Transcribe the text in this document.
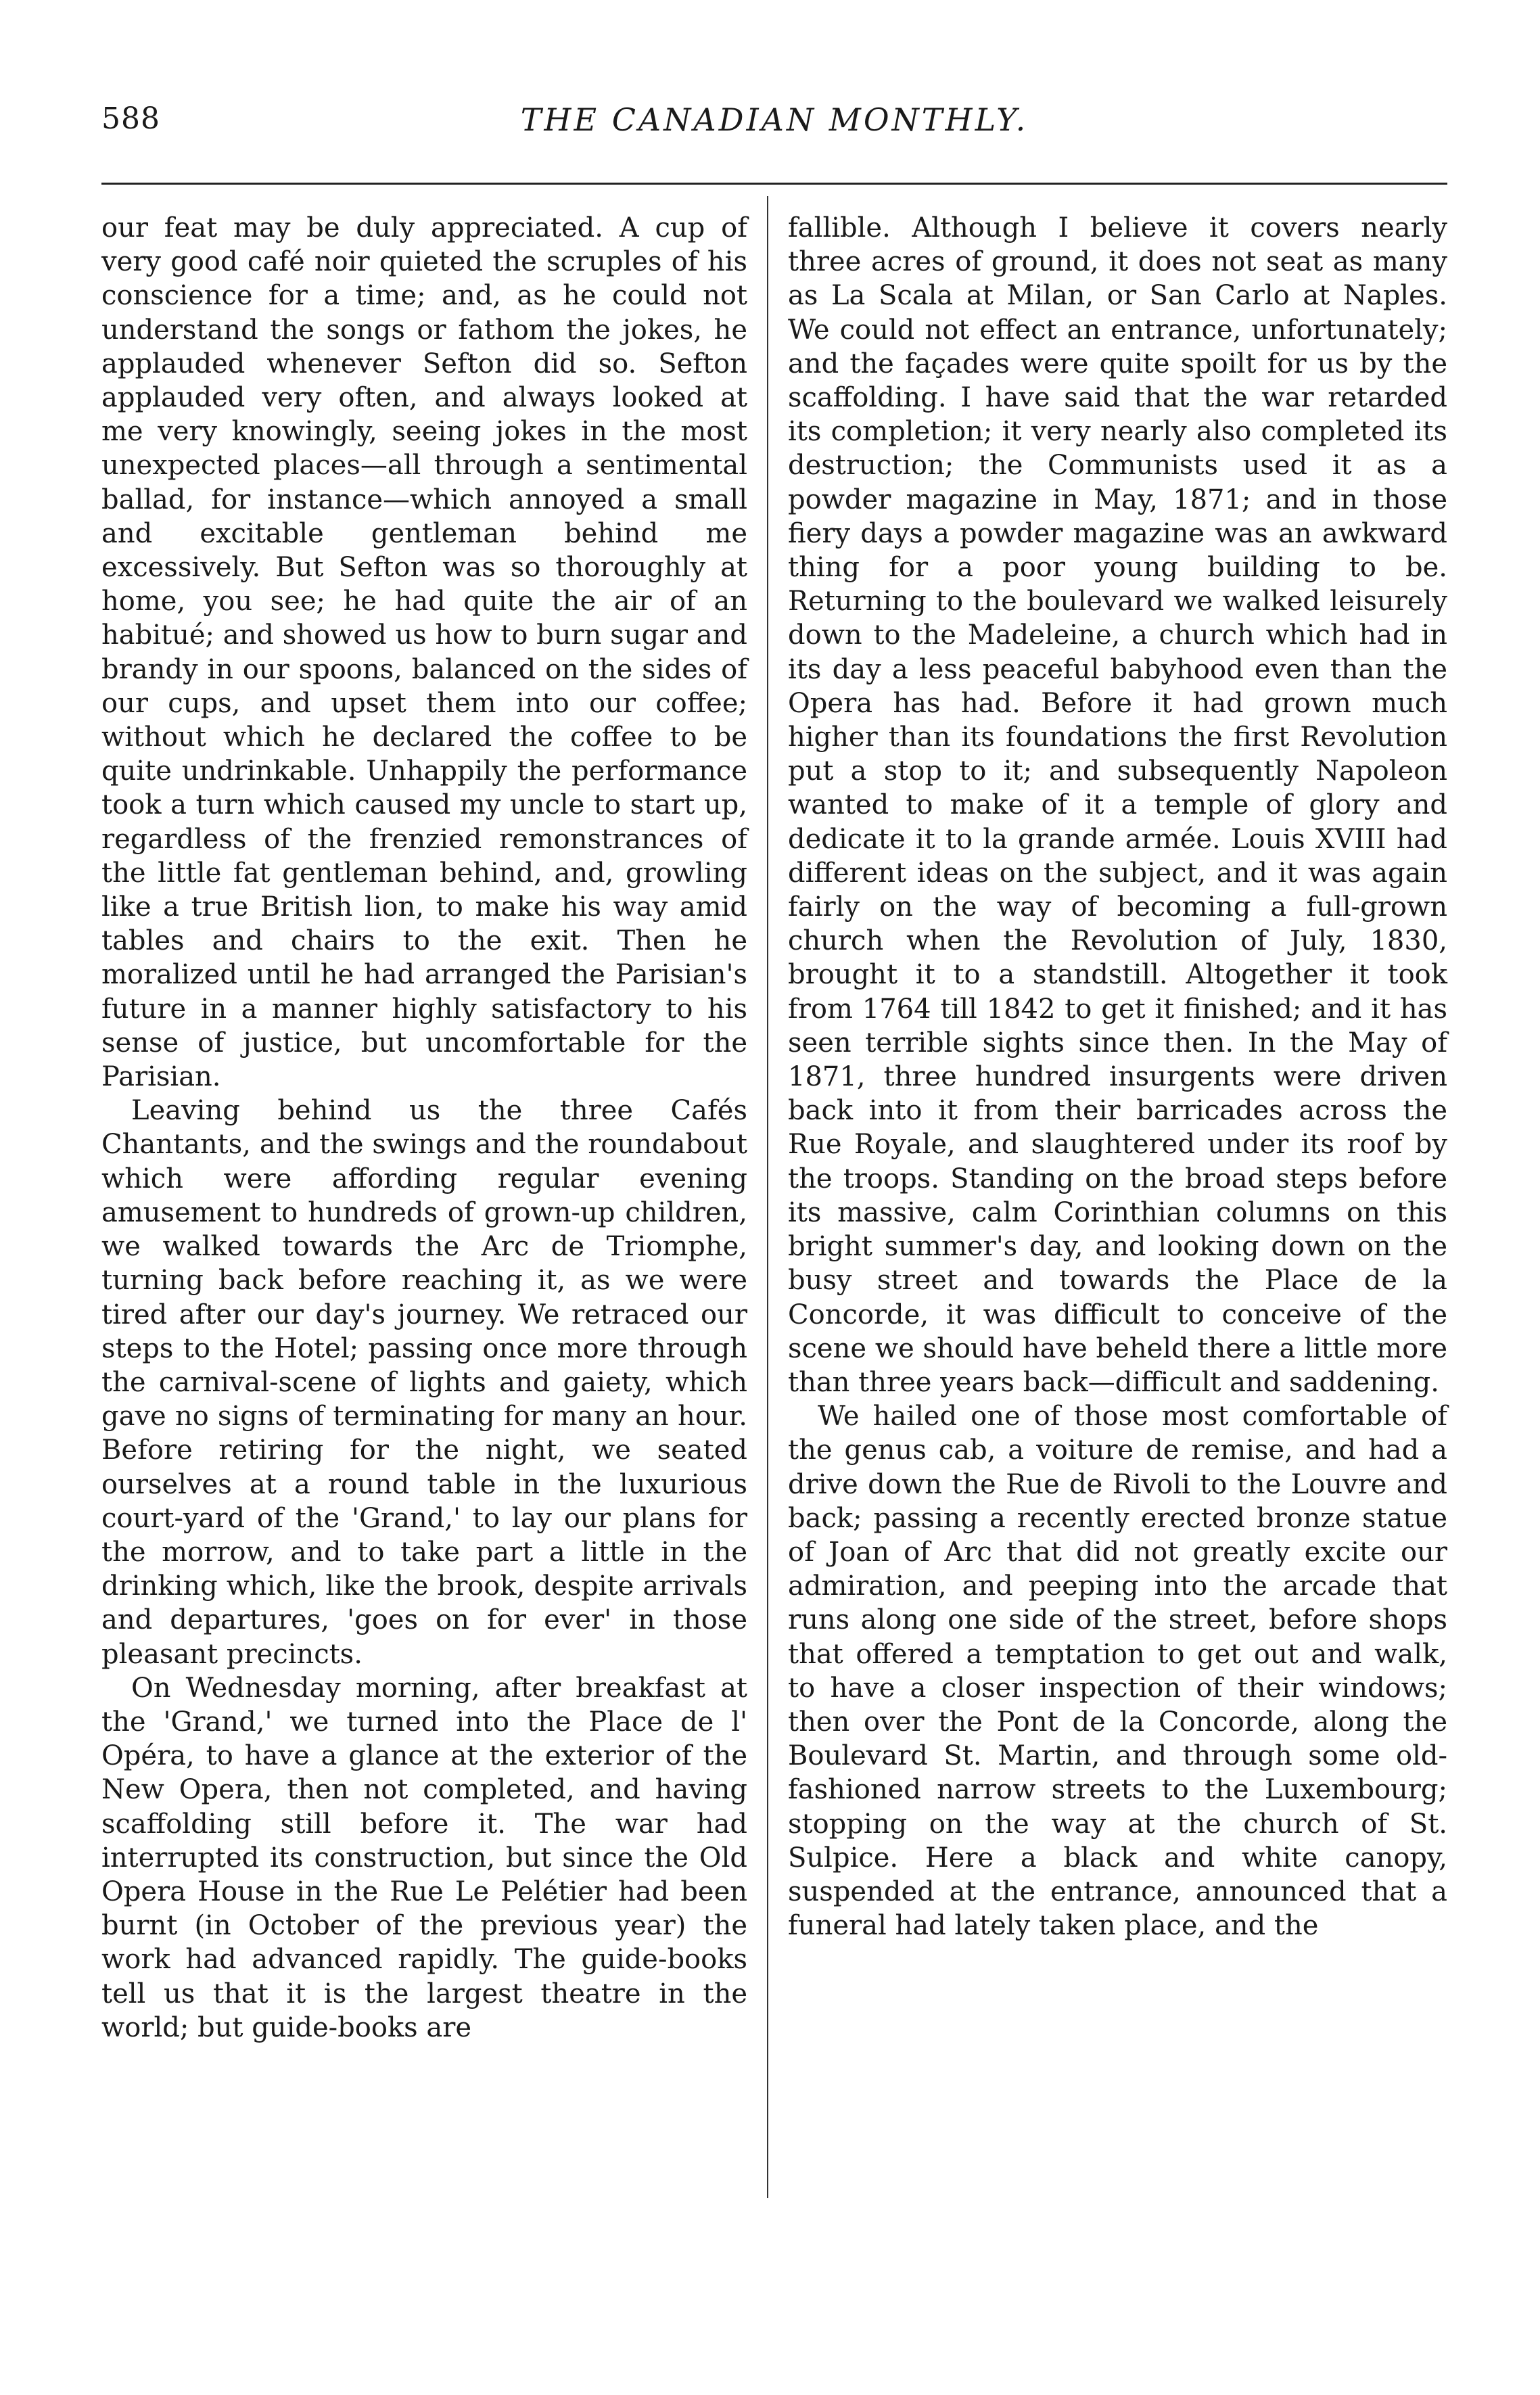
588	THE CANADIAN MONTHLY.

our feat may be duly appreciated. A cup of very good café noir quieted the scruples of his conscience for a time; and, as he could not understand the songs or fathom the jokes, he applauded whenever Sefton did so. Sefton applauded very often, and always looked at me very knowingly, seeing jokes in the most unexpected places—all through a sentimental ballad, for instance—which annoyed a small and excitable gentleman behind me excessively. But Sefton was so thoroughly at home, you see; he had quite the air of an habitué; and showed us how to burn sugar and brandy in our spoons, balanced on the sides of our cups, and upset them into our coffee; without which he declared the coffee to be quite undrinkable. Unhappily the performance took a turn which caused my uncle to start up, regardless of the frenzied remonstrances of the little fat gentleman behind, and, growling like a true British lion, to make his way amid tables and chairs to the exit. Then he moralized until he had arranged the Parisian's future in a manner highly satisfactory to his sense of justice, but uncomfortable for the Parisian.

Leaving behind us the three Cafés Chantants, and the swings and the roundabout which were affording regular evening amusement to hundreds of grown-up children, we walked towards the Arc de Triomphe, turning back before reaching it, as we were tired after our day's journey. We retraced our steps to the Hotel; passing once more through the carnival-scene of lights and gaiety, which gave no signs of terminating for many an hour. Before retiring for the night, we seated ourselves at a round table in the luxurious court-yard of the 'Grand,' to lay our plans for the morrow, and to take part a little in the drinking which, like the brook, despite arrivals and departures, 'goes on for ever' in those pleasant precincts.

On Wednesday morning, after breakfast at the 'Grand,' we turned into the Place de l' Opéra, to have a glance at the exterior of the New Opera, then not completed, and having scaffolding still before it. The war had interrupted its construction, but since the Old Opera House in the Rue Le Pelétier had been burnt (in October of the previous year) the work had advanced rapidly. The guide-books tell us that it is the largest theatre in the world; but guide-books are

fallible. Although I believe it covers nearly three acres of ground, it does not seat as many as La Scala at Milan, or San Carlo at Naples. We could not effect an entrance, unfortunately; and the façades were quite spoilt for us by the scaffolding. I have said that the war retarded its completion; it very nearly also completed its destruction; the Communists used it as a powder magazine in May, 1871; and in those fiery days a powder magazine was an awkward thing for a poor young building to be. Returning to the boulevard we walked leisurely down to the Madeleine, a church which had in its day a less peaceful babyhood even than the Opera has had. Before it had grown much higher than its foundations the first Revolution put a stop to it; and subsequently Napoleon wanted to make of it a temple of glory and dedicate it to la grande armée. Louis XVIII had different ideas on the subject, and it was again fairly on the way of becoming a full-grown church when the Revolution of July, 1830, brought it to a standstill. Altogether it took from 1764 till 1842 to get it finished; and it has seen terrible sights since then. In the May of 1871, three hundred insurgents were driven back into it from their barricades across the Rue Royale, and slaughtered under its roof by the troops. Standing on the broad steps before its massive, calm Corinthian columns on this bright summer's day, and looking down on the busy street and towards the Place de la Concorde, it was difficult to conceive of the scene we should have beheld there a little more than three years back—difficult and saddening.

We hailed one of those most comfortable of the genus cab, a voiture de remise, and had a drive down the Rue de Rivoli to the Louvre and back; passing a recently erected bronze statue of Joan of Arc that did not greatly excite our admiration, and peeping into the arcade that runs along one side of the street, before shops that offered a temptation to get out and walk, to have a closer inspection of their windows; then over the Pont de la Concorde, along the Boulevard St. Martin, and through some old-fashioned narrow streets to the Luxembourg; stopping on the way at the church of St. Sulpice. Here a black and white canopy, suspended at the entrance, announced that a funeral had lately taken place, and the
